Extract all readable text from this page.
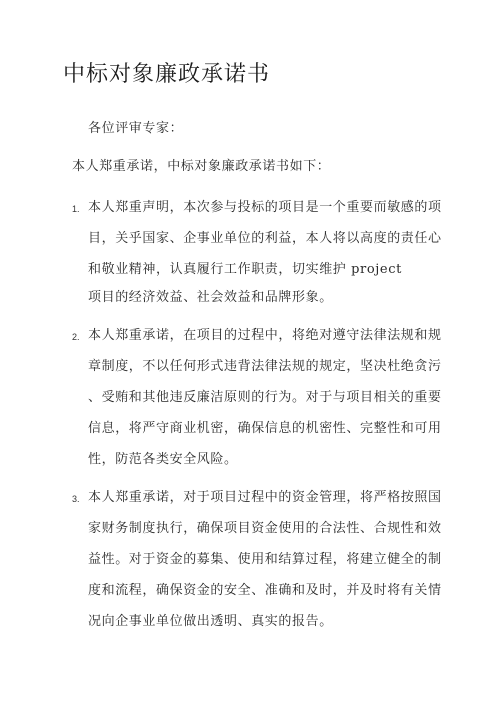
中标对象廉政承诺书
各位评审专家：
本人郑重承诺，中标对象廉政承诺书如下：
1. 本人郑重声明，本次参与投标的项目是一个重要而敏感的项
目，关乎国家、企事业单位的利益，本人将以高度的责任心
和敬业精神，认真履行工作职责，切实维护 project
项目的经济效益、社会效益和品牌形象。
2. 本人郑重承诺，在项目的过程中，将绝对遵守法律法规和规
章制度，不以任何形式违背法律法规的规定，坚决杜绝贪污
、受贿和其他违反廉洁原则的行为。对于与项目相关的重要
信息，将严守商业机密，确保信息的机密性、完整性和可用
性，防范各类安全风险。
3. 本人郑重承诺，对于项目过程中的资金管理，将严格按照国
家财务制度执行，确保项目资金使用的合法性、合规性和效
益性。对于资金的募集、使用和结算过程，将建立健全的制
度和流程，确保资金的安全、准确和及时，并及时将有关情
况向企事业单位做出透明、真实的报告。
